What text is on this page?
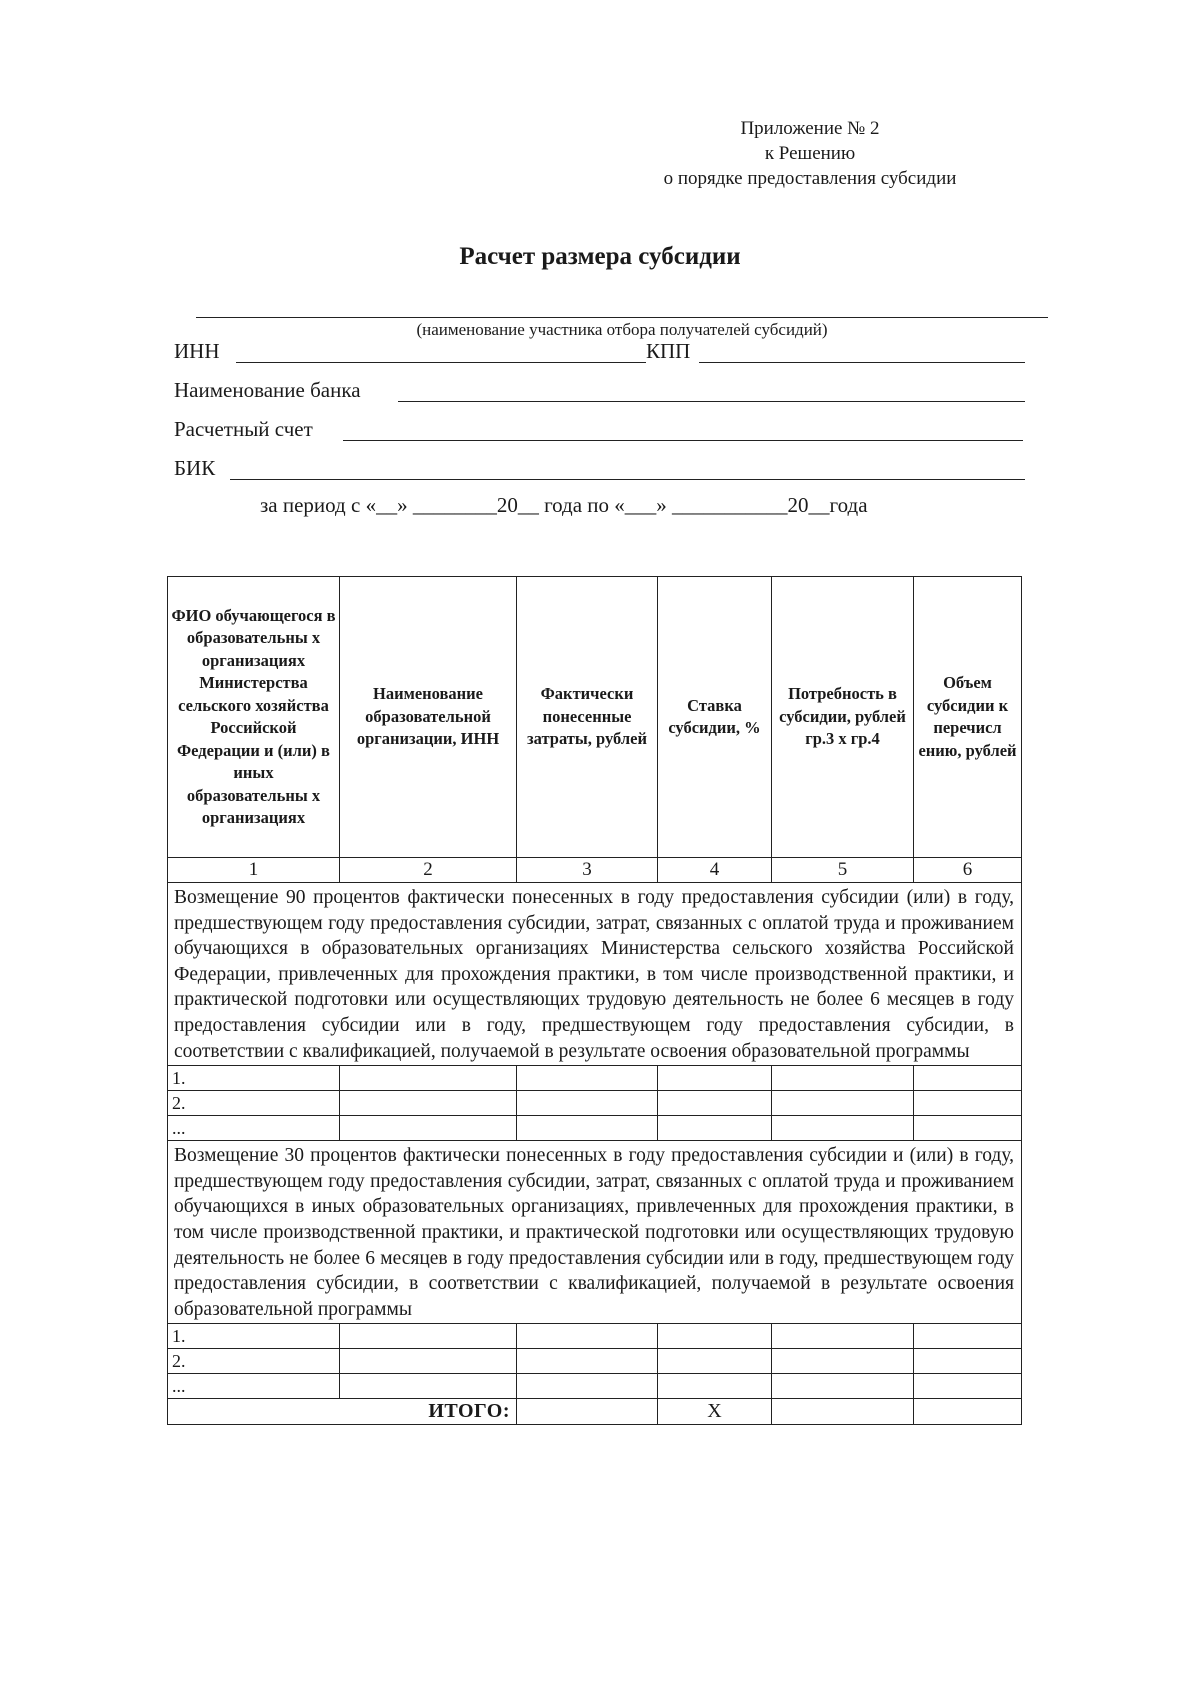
Приложение № 2
к Решению
о порядке предоставления субсидии
Расчет размера субсидии
(наименование участника отбора получателей субсидий)
ИНН	КПП
Наименование банка
Расчетный счет
БИК
за период с «__» ________20__ года по «___» ___________20__года
ФИО обучающегося в образовательны х организациях Министерства сельского хозяйства Российской Федерации и (или) в иных образовательны х организациях	Наименование образовательной организации, ИНН	Фактически понесенные затраты, рублей	Ставка субсидии, %	Потребность в субсидии, рублей гр.3 х гр.4	Объем субсидии к перечисл ению, рублей
1	2	3	4	5	6
Возмещение 90 процентов фактически понесенных в году предоставления субсидии (или) в году, предшествующем году предоставления субсидии, затрат, связанных с оплатой труда и проживанием обучающихся в образовательных организациях Министерства сельского хозяйства Российской Федерации, привлеченных для прохождения практики, в том числе производственной практики, и практической подготовки или осуществляющих трудовую деятельность не более 6 месяцев в году предоставления субсидии или в году, предшествующем году предоставления субсидии, в соответствии с квалификацией, получаемой в результате освоения образовательной программы					
1.					
2.					
...					
Возмещение 30 процентов фактически понесенных в году предоставления субсидии и (или) в году, предшествующем году предоставления субсидии, затрат, связанных с оплатой труда и проживанием обучающихся в иных образовательных организациях, привлеченных для прохождения практики, в том числе производственной практики, и практической подготовки или осуществляющих трудовую деятельность не более 6 месяцев в году предоставления субсидии или в году, предшествующем году предоставления субсидии, в соответствии с квалификацией, получаемой в результате освоения образовательной программы					
1.					
2.					
...					
ИТОГО:			Х		
